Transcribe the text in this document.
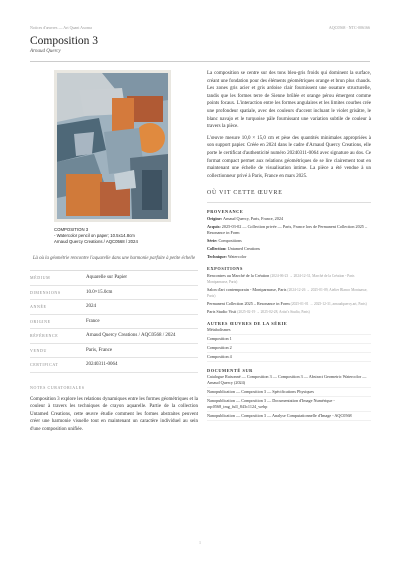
Notices d'œuvres — Art Quant Axoma	AQC0568 · NTC-006166
Composition 3
Arnaud Quercy
COMPOSITION 3
- Watercolor pencil on paper; 10.5x14.8cm
Arnaud Quercy Creations / AQC0568 / 2024
Là où la géométrie rencontre l'aquarelle dans une harmonie parfaite à petite échelle
MÉDIUM	Aquarelle sur Papier
DIMENSIONS	10.0×15.0cm
ANNÉE	2024
ORIGINE	France
RÉFÉRENCE	Arnaud Quercy Creations / AQC0568 / 2024
VENDU	Paris, France
CERTIFICAT	20240311-0064
NOTES CURATORIALES
Composition 3 explore les relations dynamiques entre les formes géométriques et la couleur à travers les techniques de crayon aquarelle. Partie de la collection Untamed Creations, cette œuvre étudie comment les formes abstraites peuvent créer une harmonie visuelle tout en maintenant un caractère individuel au sein d'une composition unifiée.

La composition se centre sur des tons bleu-gris froids qui dominent la surface, créant une fondation pour des éléments géométriques orange et brun plus chauds. Les zones gris acier et gris ardoise clair fournissent une ossature structurelle, tandis que les formes terre de Sienne brûlée et orange pérou émergent comme points focaux. L'interaction entre les formes angulaires et les limites courbes crée une profondeur spatiale, avec des couleurs d'accent incluant le violet grisâtre, le blanc navajo et le turquoise pâle fournissant une variation subtile de couleur à travers la pièce.

L'œuvre mesure 10,0 × 15,0 cm et pèse des quantités minimales appropriées à son support papier. Créée en 2024 dans le cadre d'Arnaud Quercy Creations, elle porte le certificat d'authenticité numéro 20240311-0064 avec signature au dos. Ce format compact permet aux relations géométriques de se lire clairement tout en maintenant une échelle de visualisation intime. La pièce a été vendue à un collectionneur privé à Paris, France en mars 2025.

OÙ VIT CETTE ŒUVRE
PROVENANCE
Origine: Arnaud Quercy, Paris, France, 2024
Acquis: 2025-03-02 — Collection privée — Paris, France lors de Permanent Collection 2025 – Resonance in Form
Série: Compositions
Collection: Untamed Creations
Technique: Watercolor
EXPOSITIONS
Rencontres au Marché de la Création (2024-06-23 → 2024-12-31, Marché de la Création - Paris Montparnasse, Paris)
Salon d'art contemporain - Montparnasse, Paris (2024-12-26 → 2025-01-09, Atelier Blanco Montaasse, Paris)
Permanent Collection 2025 – Resonance in Form (2025-01-01 → 2025-12-31, arnaudquercy.art, Paris)
Paris Studio Visit (2025-02-19 → 2025-02-28, Artist's Studio, Paris)
AUTRES ŒUVRES DE LA SÉRIE
Métabolismes
Composition 1
Composition 2
Composition 4
DOCUMENTÉ SUR
Catalogue Raisonné — Composition 3 — Composition 3 — Abstract Geometric Watercolor — Arnaud Quercy (2024)
Nanopublication — Composition 3 — Spécifications Physiques
Nanopublication — Composition 3 — Documentation d'Image Numérique - aqc0568_img_full_843c1124_webp
Nanopublication — Composition 3 — Analyse Computationnelle d'Image - AQC0568
1
